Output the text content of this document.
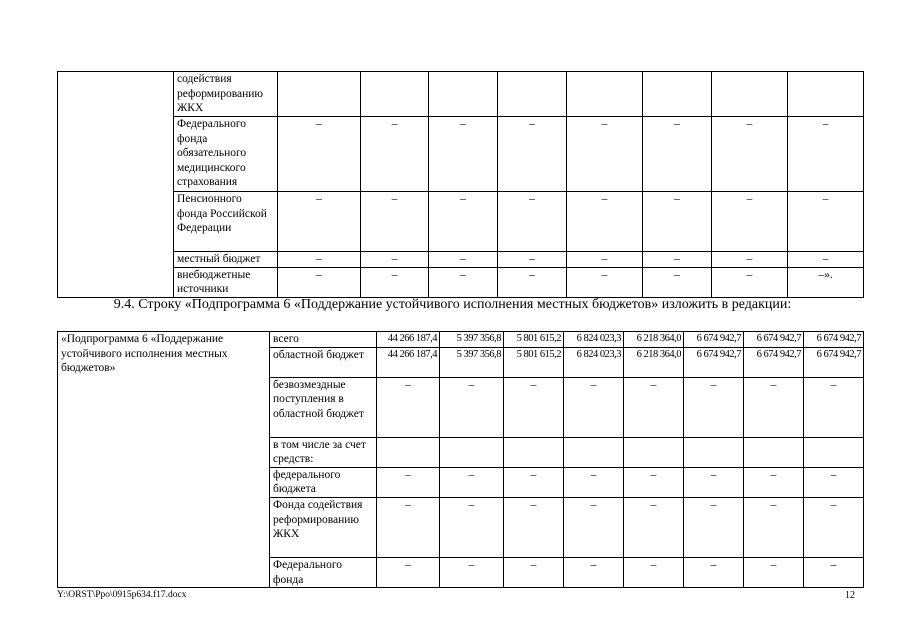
	содействия реформированию ЖКХ								
	Федерального фонда обязательного медицинского страхования	–	–	–	–	–	–	–	–
	Пенсионного фонда Российской Федерации	–	–	–	–	–	–	–	–
	местный бюджет	–	–	–	–	–	–	–	–
	внебюджетные источники	–	–	–	–	–	–	–	–».
9.4. Строку «Подпрограмма 6 «Поддержание устойчивого исполнения местных бюджетов» изложить в редакции:
«Подпрограмма 6 «Поддержание устойчивого исполнения местных бюджетов»	всего	44 266 187,4	5 397 356,8	5 801 615,2	6 824 023,3	6 218 364,0	6 674 942,7	6 674 942,7	6 674 942,7
	областной бюджет	44 266 187,4	5 397 356,8	5 801 615,2	6 824 023,3	6 218 364,0	6 674 942,7	6 674 942,7	6 674 942,7
	безвозмездные поступления в областной бюджет	–	–	–	–	–	–	–	–
	в том числе за счет средств:								
	федерального бюджета	–	–	–	–	–	–	–	–
	Фонда содействия реформированию ЖКХ	–	–	–	–	–	–	–	–
	Федерального фонда	–	–	–	–	–	–	–	–
Y:\ORST\Ppo\0915p634.f17.docx	12
